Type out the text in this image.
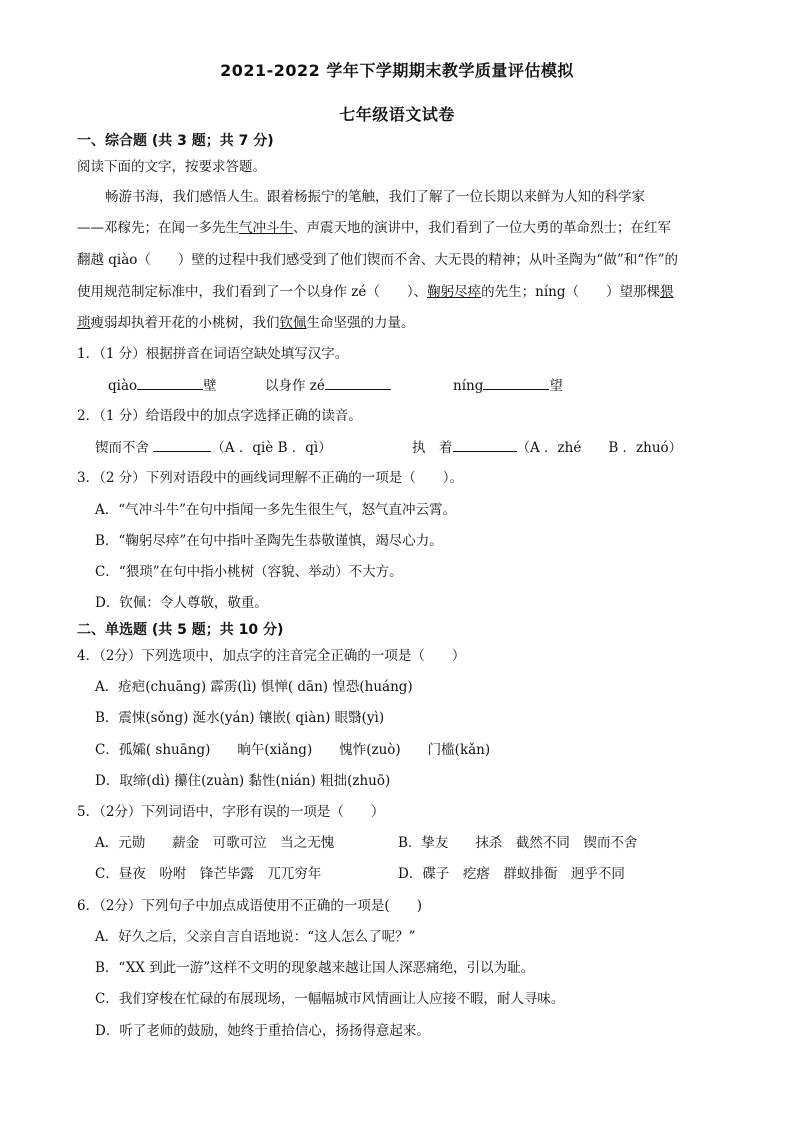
2021-2022 学年下学期期末教学质量评估模拟
七年级语文试卷
一、综合题 (共 3 题；共 7 分)
阅读下面的文字，按要求答题。
畅游书海，我们感悟人生。跟着杨振宁的笔触，我们了解了一位长期以来鲜为人知的科学家
——邓稼先；在闻一多先生气冲斗牛、声震天地的演讲中，我们看到了一位大勇的革命烈士；在红军
翻越 qiào（　　）壁的过程中我们感受到了他们锲而不舍、大无畏的精神；从叶圣陶为“做”和“作”的
使用规范制定标准中，我们看到了一个以身作 zé（　　）、鞠躬尽瘁的先生；níng（　　）望那棵猥
琐瘦弱却执着开花的小桃树，我们钦佩生命坚强的力量。
1．（1 分）根据拼音在词语空缺处填写汉字。
qiào	壁	以身作 zé	níng	望
2．（1 分）给语段中的加点字选择正确的读音。
锲而不舍	（A ．qiè B ．qì）	执　着	（A ．zhé　　B ．zhuó）
3．（2 分）下列对语段中的画线词理解不正确的一项是（　　）。
A．“气冲斗牛”在句中指闻一多先生很生气，怒气直冲云霄。
B．“鞠躬尽瘁”在句中指叶圣陶先生恭敬谨慎，竭尽心力。
C．“猥琐”在句中指小桃树（容貌、举动）不大方。
D．钦佩：令人尊敬，敬重。
二、单选题 (共 5 题；共 10 分)
4．（2分）下列选项中，加点字的注音完全正确的一项是（　　）
A．疮疤(chuāng) 霹雳(lì) 惧惮( dān) 惶恐(huáng)
B．震悚(sǒng) 涎水(yán) 镶嵌( qiàn) 眼翳(yì)
C．孤孀( shuāng)　　晌午(xiǎng)　　愧怍(zuò)　　门槛(kǎn)
D．取缔(dì) 攥住(zuàn) 黏性(nián) 粗拙(zhuō)
5．（2分）下列词语中，字形有误的一项是（　　）
A．元勋　　薪金　可歌可泣　当之无愧	B．挚友　　抹杀　截然不同　锲而不舍
C．昼夜　吩咐　锋芒毕露　兀兀穷年	D．碟子　疙瘩　群蚁排衙　迥乎不同
6．（2分）下列句子中加点成语使用不正确的一项是(　　)
A．好久之后，父亲自言自语地说：“这人怎么了呢？”
B．“XX 到此一游”这样不文明的现象越来越让国人深恶痛绝，引以为耻。
C．我们穿梭在忙碌的布展现场，一幅幅城市风情画让人应接不暇，耐人寻味。
D．听了老师的鼓励，她终于重拾信心，扬扬得意起来。
